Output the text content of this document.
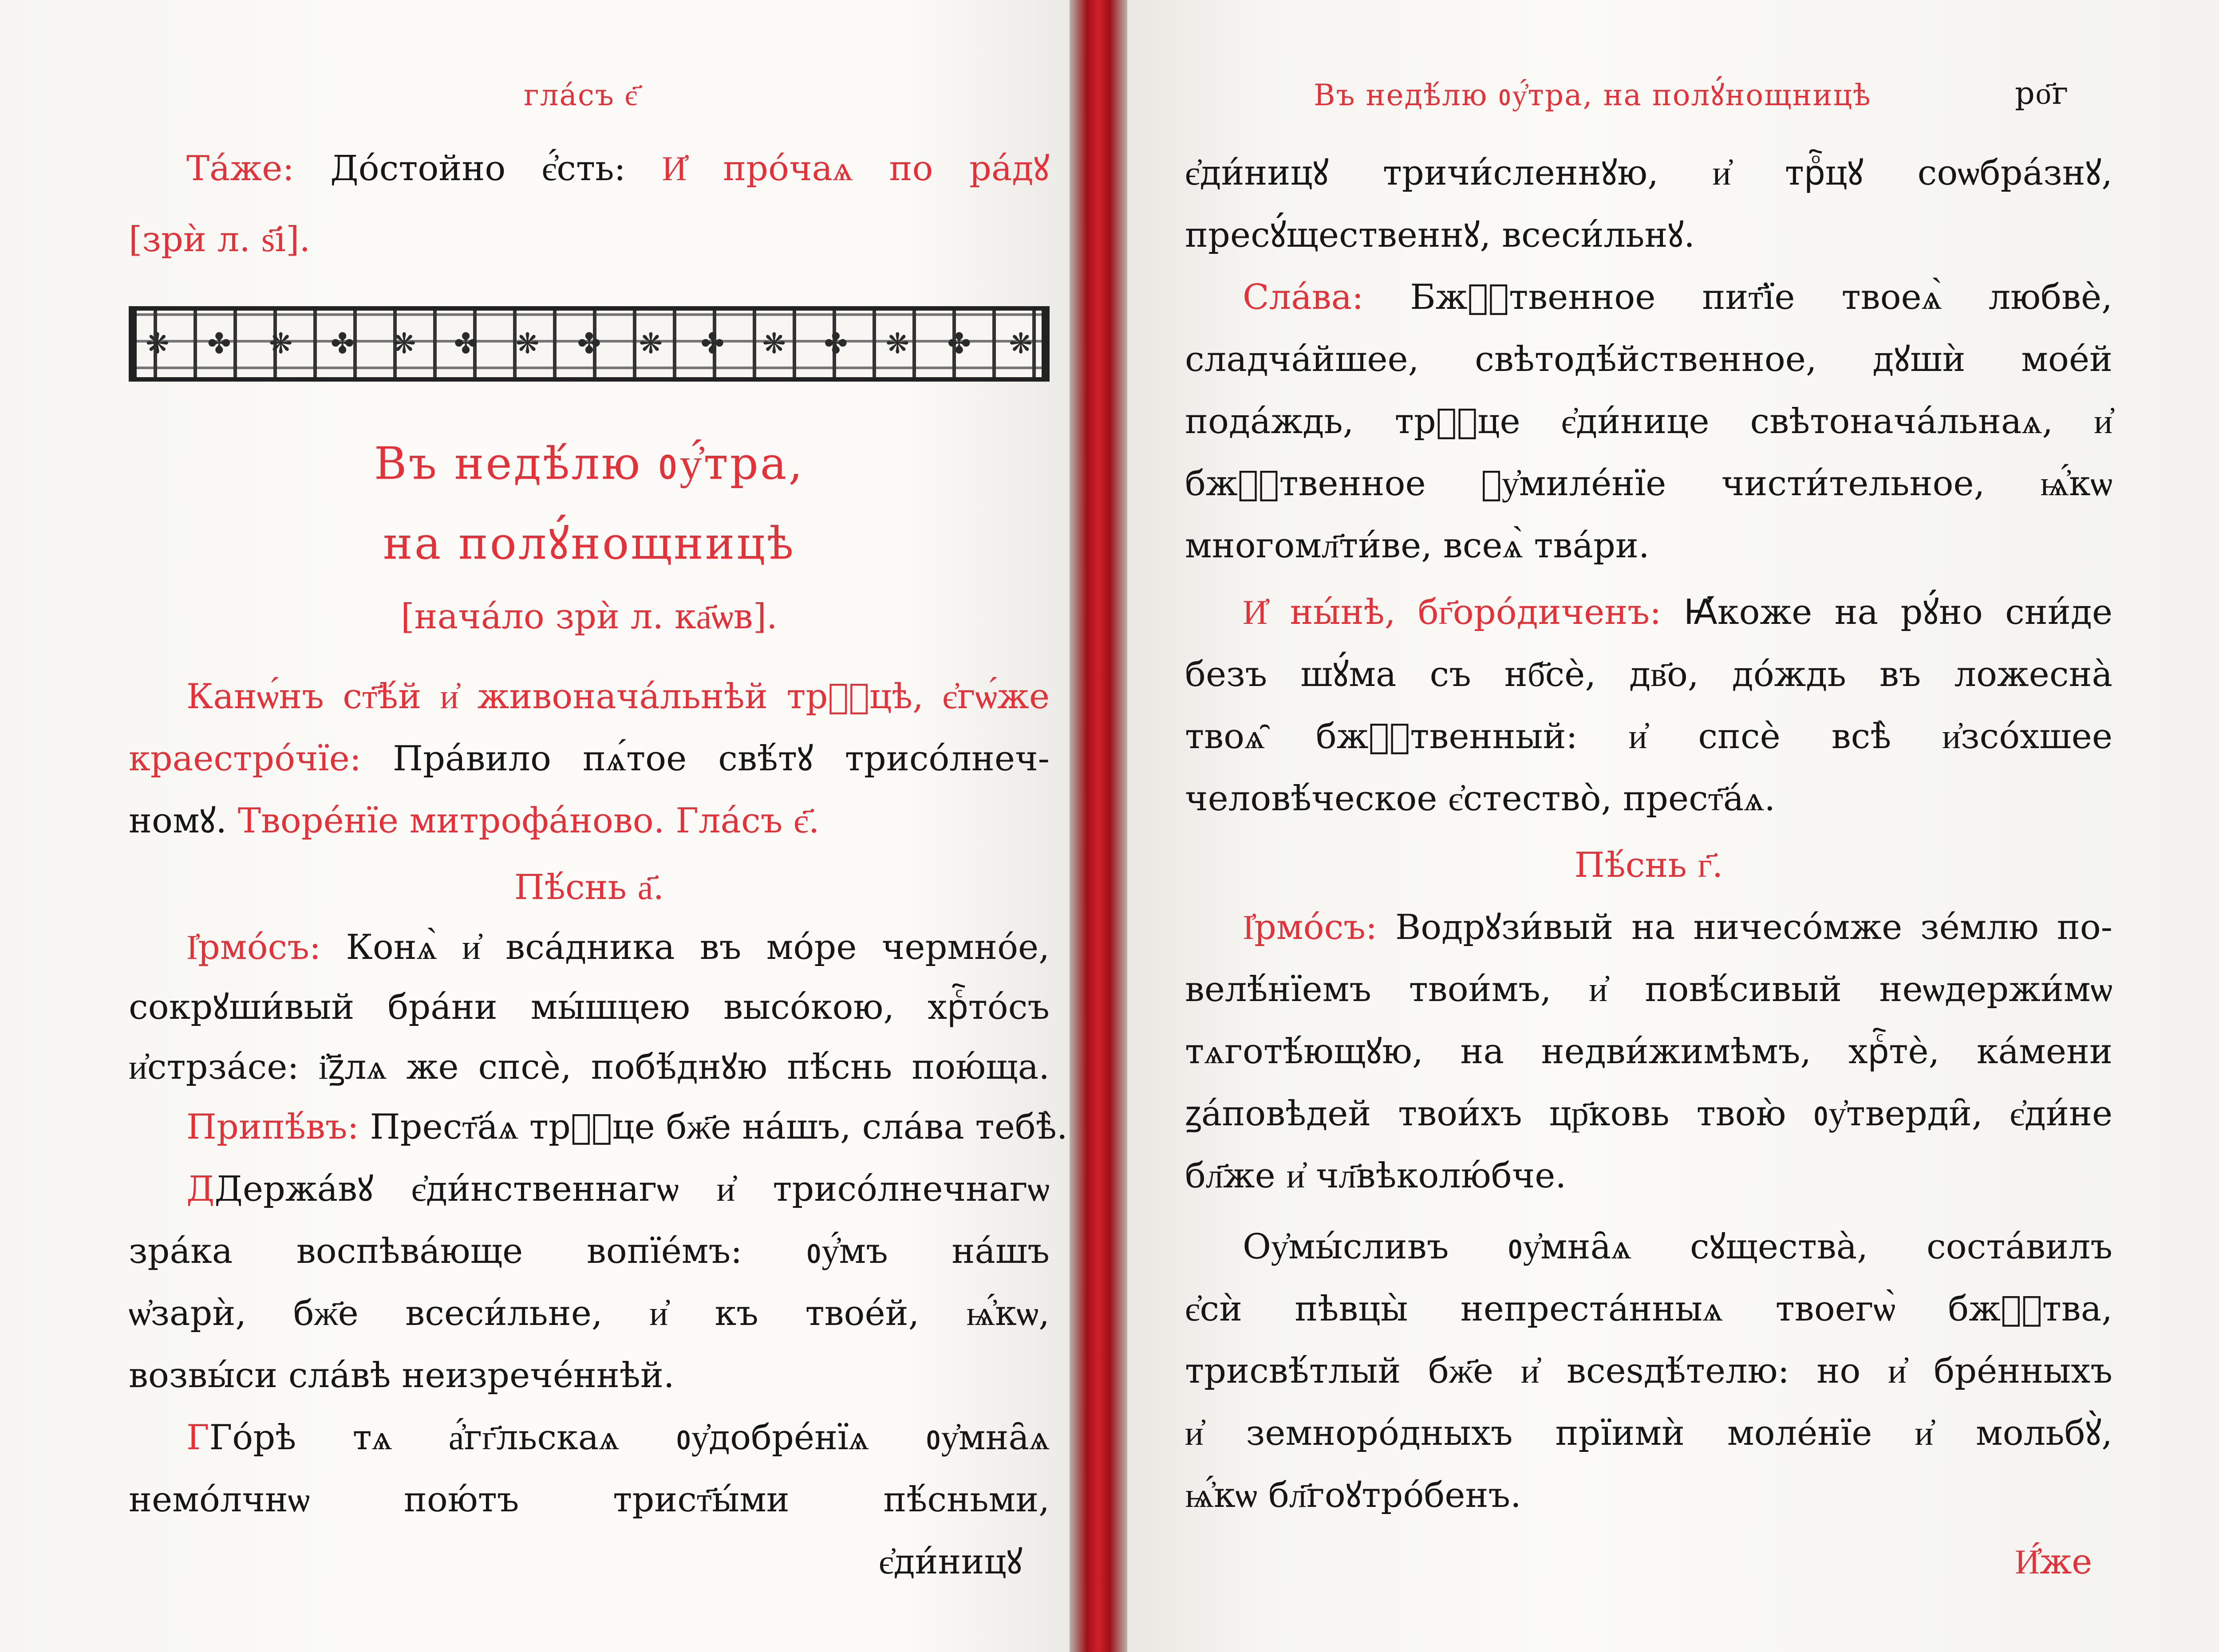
гла́съ є҃

Та́же: До́стойно є҆́сть: И҆ про́чаѧ по ра́дꙋ

[зрѝ л. ѕ҃і].

❋ ✤ ❋ ✤ ❋ ✤ ❋ ✤ ❋ ✤ ❋ ✤ ❋ ✤ ❋

Въ недѣ́лю ᲂу҆́тра,

на полꙋ́нощницѣ

[нача́ло зрѝ л. ка҃ѡв].

Канѡ́нъ ст҃ѣ́й и҆ живонача́льнѣй трⷪ҇цѣ, є҆гѡ́же

краестро́чїе: Пра́вило пѧ́тое свѣ́тꙋ трисо́лнеч-

номꙋ. Творе́нїе митрофа́ново. Гла́съ є҃.

Пѣ́снь а҃.

І҆рмо́съ: Конѧ̀ и҆ вса́дника въ мо́ре чермно́е,

сокрꙋши́вый бра́ни мы́шцею высо́кою, хрⷭ҇то́съ

и҆стрза́се: і҆ꙁ҃лѧ же спсѐ, побѣ́днꙋю пѣ́снь пою́ща.

Припѣ́въ: Прест҃а́ѧ трⷪ҇це бж҃е на́шъ, сла́ва тебѣ̀.

ДДержа́вꙋ є҆ди́нственнагѡ и҆ трисо́лнечнагѡ

зра́ка воспѣва́юще вопїе́мъ: ᲂу҆́мъ на́шъ

ѡ҆зарѝ, бж҃е всеси́льне, и҆ къ твое́й, ѩ҆́кѡ,

возвы́си сла́вѣ неизрече́ннѣй.

ГГо́рѣ тѧ а҆́гг҃льскаѧ ᲂу҆добре́нїѧ ᲂу҆мна̑ѧ

немо́лчнѡ пою́тъ трист҃ы́ми пѣ́сньми,

є҆ди́ницꙋ

Въ недѣ́лю ᲂу҆́тра, на полꙋ́нощницѣ	ро҃г

є҆ди́ницꙋ тричи́сленнꙋю, и҆ трⷪ҇цꙋ соѡбра́знꙋ,

пресꙋ́щественнꙋ, всеси́льнꙋ.

Сла́ва: Бжⷭ҇твенное пит҃їе твоеѧ̀ любвѐ,

сладча́йшее, свѣтодѣ́йственное, дꙋшѝ мое́й

пода́ждь, трⷪ҇це є҆ди́нице свѣтонача́льнаѧ, и҆

бжⷭ҇твенное ᲂу҆миле́нїе чисти́тельное, ѩ҆́кѡ

многомл҃ти́ве, всеѧ̀ тва́ри.

И҆ ны́нѣ, бг҃оро́диченъ: Ꙗ҆́коже на рꙋ́но сни́де

безъ шꙋ́ма съ нб҃сѐ, дв҃о, до́ждь въ ложесна̀

твоѧ̑ бжⷭ҇твенный: и҆ спсѐ всѣ̀ и҆зсо́хшее

человѣ́ческое є҆стество̀, прест҃а́ѧ.

Пѣ́снь г҃.

І҆рмо́съ: Водрꙋзи́вый на ничесо́мже зе́млю по-

велѣ́нїемъ твои́мъ, и҆ повѣ́сивый неѡдержи́мѡ

тѧготѣ́ющꙋю, на недви́жимѣмъ, хрⷭ҇тѐ, ка́мени

ꙁа́повѣдей твои́хъ цр҃ковь твою̀ ᲂу҆тверди̑, є҆ди́не

бл҃же и҆ чл҃вѣколю́бче.

Оу҆мы́сливъ ᲂу҆мна̑ѧ сꙋщества̀, соста́вилъ

є҆сѝ пѣвцы̀ непреста́нныѧ твоегѡ̀ бжⷭ҇тва,

трисвѣ́тлый бж҃е и҆ всеѕдѣ́телю: но и҆ бре́нныхъ

и҆ земноро́дныхъ прїимѝ моле́нїе и҆ мольбꙋ̀,

ѩ҆́кѡ бл҃гоꙋтро́бенъ.

И҆́же
